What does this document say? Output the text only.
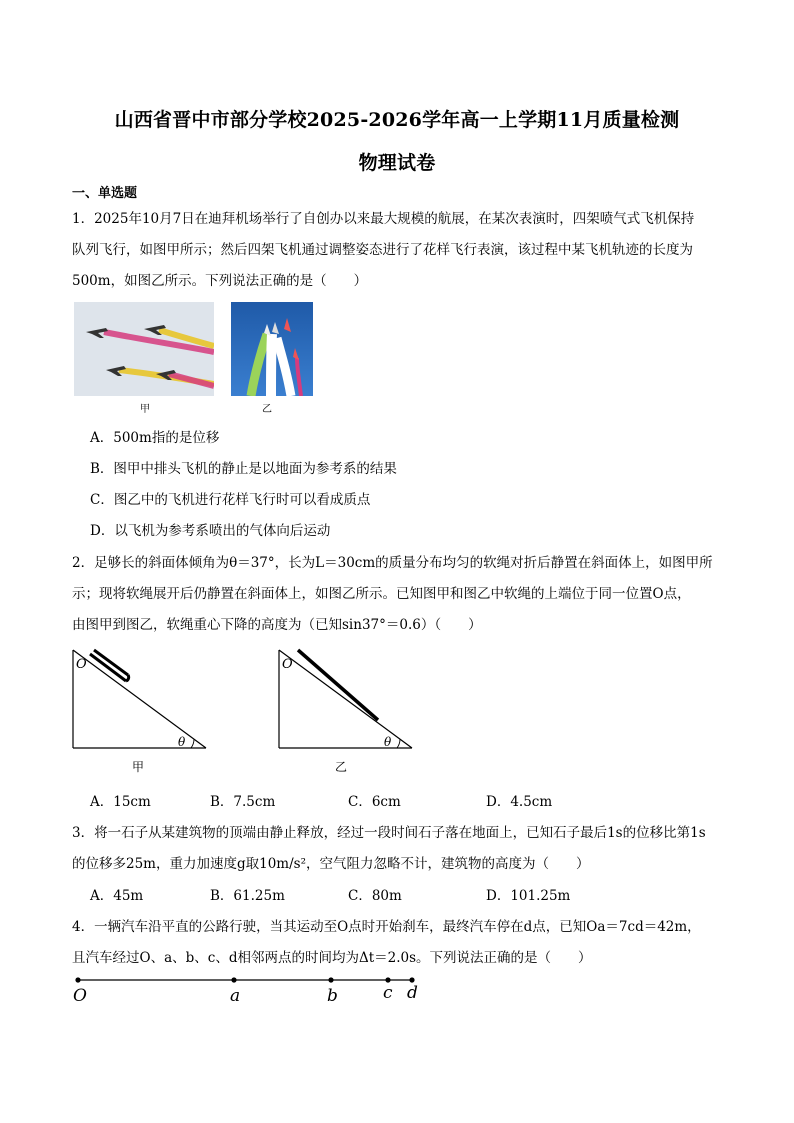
山西省晋中市部分学校2025-2026学年高一上学期11月质量检测
物理试卷
一、单选题
1．2025年10月7日在迪拜机场举行了自创办以来最大规模的航展，在某次表演时，四架喷气式飞机保持
队列飞行，如图甲所示；然后四架飞机通过调整姿态进行了花样飞行表演，该过程中某飞机轨迹的长度为
500m，如图乙所示。下列说法正确的是（　　）
甲	乙
A．500m指的是位移
B．图甲中排头飞机的静止是以地面为参考系的结果
C．图乙中的飞机进行花样飞行时可以看成质点
D．以飞机为参考系喷出的气体向后运动
2．足够长的斜面体倾角为θ＝37°，长为L＝30cm的质量分布均匀的软绳对折后静置在斜面体上，如图甲所
示；现将软绳展开后仍静置在斜面体上，如图乙所示。已知图甲和图乙中软绳的上端位于同一位置O点，
由图甲到图乙，软绳重心下降的高度为（已知sin37°＝0.6）（　　）
O
θ
甲
O
θ
乙
A．15cm	B．7.5cm	C．6cm	D．4.5cm
3．将一石子从某建筑物的顶端由静止释放，经过一段时间石子落在地面上，已知石子最后1s的位移比第1s
的位移多25m，重力加速度g取10m/s²，空气阻力忽略不计，建筑物的高度为（　　）
A．45m	B．61.25m	C．80m	D．101.25m
4．一辆汽车沿平直的公路行驶，当其运动至O点时开始刹车，最终汽车停在d点，已知Oa＝7cd＝42m，
且汽车经过O、a、b、c、d相邻两点的时间均为Δt＝2.0s。下列说法正确的是（　　）
O	a	b	c d
